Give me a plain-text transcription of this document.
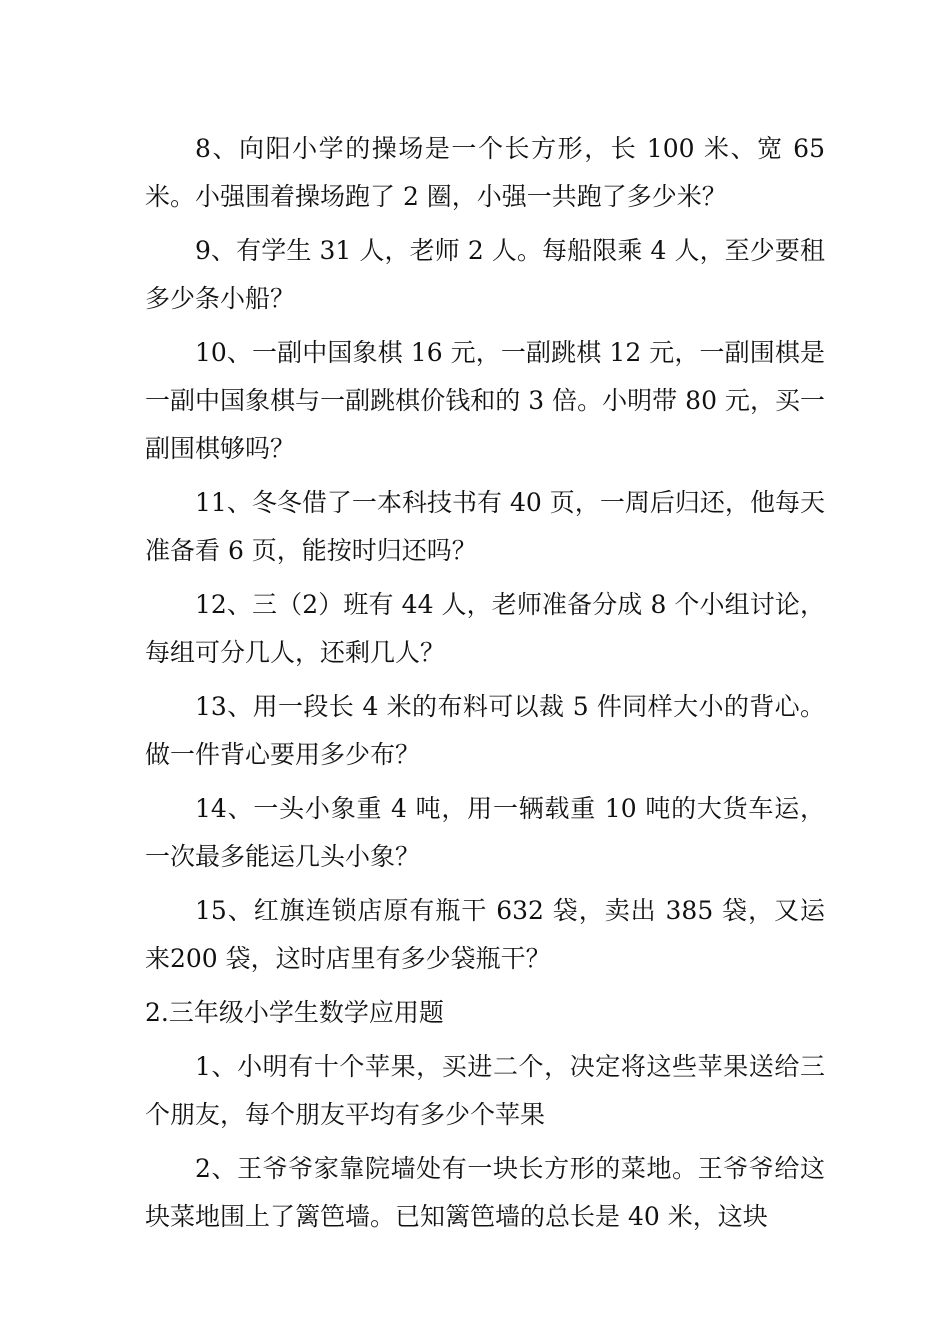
8、向阳小学的操场是一个长方形，长 100 米、宽 65 米。小强围着操场跑了 2 圈，小强一共跑了多少米？

9、有学生 31 人，老师 2 人。每船限乘 4 人，至少要租多少条小船？

10、一副中国象棋 16 元，一副跳棋 12 元，一副围棋是一副中国象棋与一副跳棋价钱和的 3 倍。小明带 80 元，买一副围棋够吗？

11、冬冬借了一本科技书有 40 页，一周后归还，他每天准备看 6 页，能按时归还吗？

12、三（2）班有 44 人，老师准备分成 8 个小组讨论，每组可分几人，还剩几人？

13、用一段长 4 米的布料可以裁 5 件同样大小的背心。做一件背心要用多少布？

14、一头小象重 4 吨，用一辆载重 10 吨的大货车运，一次最多能运几头小象？

15、红旗连锁店原有瓶干 632 袋，卖出 385 袋，又运来200 袋，这时店里有多少袋瓶干？

2.三年级小学生数学应用题

1、小明有十个苹果，买进二个，决定将这些苹果送给三个朋友，每个朋友平均有多少个苹果

2、王爷爷家靠院墙处有一块长方形的菜地。王爷爷给这块菜地围上了篱笆墙。已知篱笆墙的总长是 40 米，这块
